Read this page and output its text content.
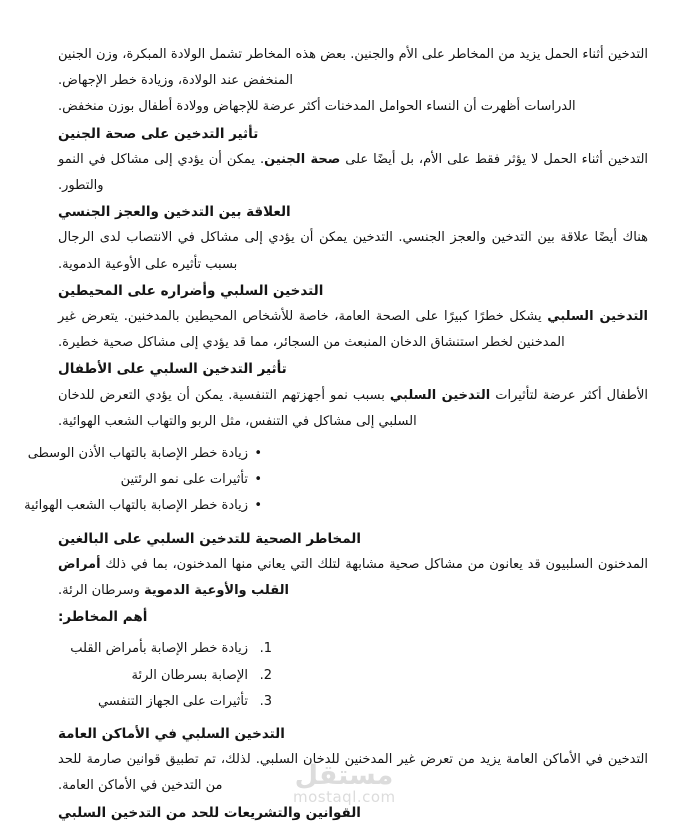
مستقل
mostaql.com

التدخين أثناء الحمل يزيد من المخاطر على الأم والجنين. بعض هذه المخاطر تشمل الولادة المبكرة، وزن الجنين المنخفض عند الولادة، وزيادة خطر الإجهاض.

الدراسات أظهرت أن النساء الحوامل المدخنات أكثر عرضة للإجهاض وولادة أطفال بوزن منخفض.

تأثير التدخين على صحة الجنين

التدخين أثناء الحمل لا يؤثر فقط على الأم، بل أيضًا على صحة الجنين. يمكن أن يؤدي إلى مشاكل في النمو والتطور.

العلاقة بين التدخين والعجز الجنسي

هناك أيضًا علاقة بين التدخين والعجز الجنسي. التدخين يمكن أن يؤدي إلى مشاكل في الانتصاب لدى الرجال بسبب تأثيره على الأوعية الدموية.

التدخين السلبي وأضراره على المحيطين

التدخين السلبي يشكل خطرًا كبيرًا على الصحة العامة، خاصة للأشخاص المحيطين بالمدخنين. يتعرض غير المدخنين لخطر استنشاق الدخان المنبعث من السجائر، مما قد يؤدي إلى مشاكل صحية خطيرة.

تأثير التدخين السلبي على الأطفال

الأطفال أكثر عرضة لتأثيرات التدخين السلبي بسبب نمو أجهزتهم التنفسية. يمكن أن يؤدي التعرض للدخان السلبي إلى مشاكل في التنفس، مثل الربو والتهاب الشعب الهوائية.

•
زيادة خطر الإصابة بالتهاب الأذن الوسطى
•
تأثيرات على نمو الرئتين
•
زيادة خطر الإصابة بالتهاب الشعب الهوائية
المخاطر الصحية للتدخين السلبي على البالغين

المدخنون السلبيون قد يعانون من مشاكل صحية مشابهة لتلك التي يعاني منها المدخنون، بما في ذلك أمراض القلب والأوعية الدموية وسرطان الرئة.

أهم المخاطر:
1.
زيادة خطر الإصابة بأمراض القلب
2.
الإصابة بسرطان الرئة
3.
تأثيرات على الجهاز التنفسي
التدخين السلبي في الأماكن العامة

التدخين في الأماكن العامة يزيد من تعرض غير المدخنين للدخان السلبي. لذلك، تم تطبيق قوانين صارمة للحد من التدخين في الأماكن العامة.

القوانين والتشريعات للحد من التدخين السلبي
